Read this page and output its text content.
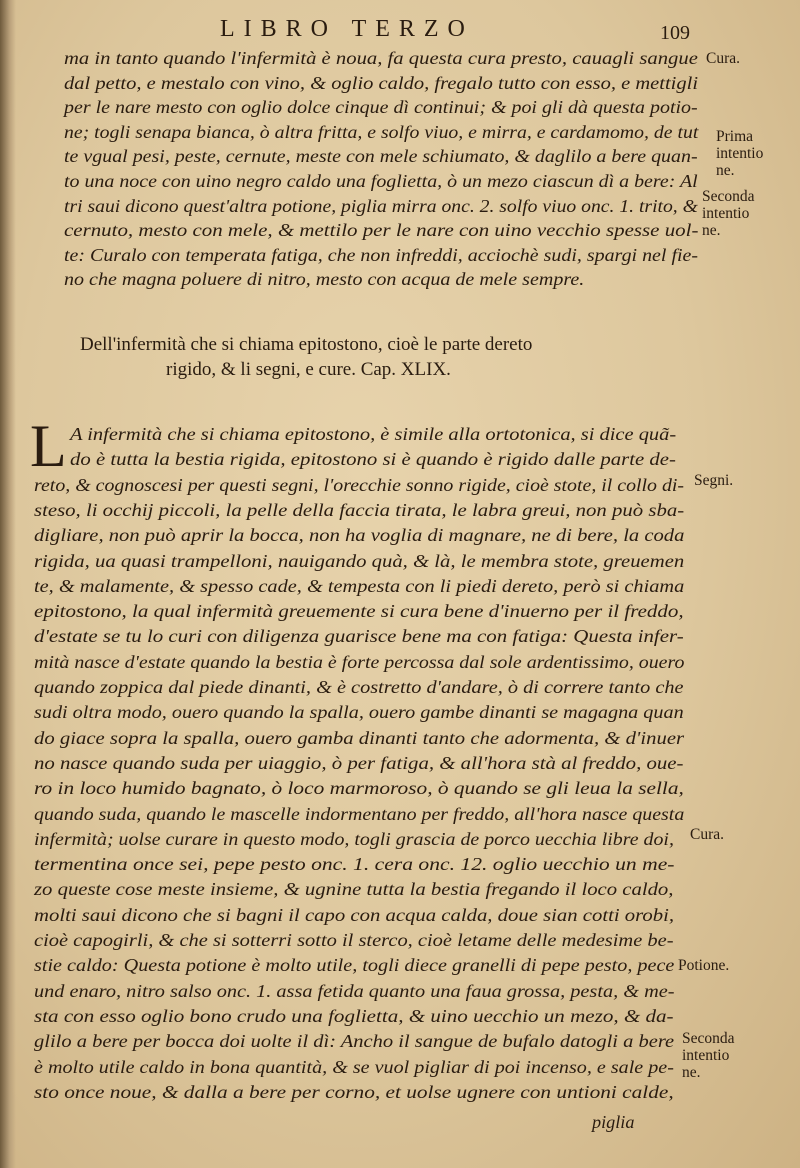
LIBRO TERZO	109
ma in tanto quando l'infermità è noua, fa questa cura presto, cauagli sangue
dal petto, e mestalo con vino, & oglio caldo, fregalo tutto con esso, e mettigli
per le nare mesto con oglio dolce cinque dì continui; & poi gli dà questa potio-
ne; togli senapa bianca, ò altra fritta, e solfo viuo, e mirra, e cardamomo, de tut
te vgual pesi, peste, cernute, meste con mele schiumato, & daglilo a bere quan-
to una noce con uino negro caldo una foglietta, ò un mezo ciascun dì a bere: Al
tri saui dicono quest'altra potione, piglia mirra onc. 2. solfo viuo onc. 1. trito, &
cernuto, mesto con mele, & mettilo per le nare con uino vecchio spesse uol-
te: Curalo con temperata fatiga, che non infreddi, acciochè sudi, spargi nel fie-
no che magna poluere di nitro, mesto con acqua de mele sempre.
Dell'infermità che si chiama epitostono, cioè le parte dereto
rigido, & li segni, e cure. Cap. XLIX.
L A infermità che si chiama epitostono, è simile alla ortotonica, si dice quã-
do è tutta la bestia rigida, epitostono si è quando è rigido dalle parte de-
reto, & cognoscesi per questi segni, l'orecchie sonno rigide, cioè stote, il collo di-
steso, li occhij piccoli, la pelle della faccia tirata, le labra greui, non può sba-
digliare, non può aprir la bocca, non ha voglia di magnare, ne di bere, la coda
rigida, ua quasi trampelloni, nauigando quà, & là, le membra stote, greuemen
te, & malamente, & spesso cade, & tempesta con li piedi dereto, però si chiama
epitostono, la qual infermità greuemente si cura bene d'inuerno per il freddo,
d'estate se tu lo curi con diligenza guarisce bene ma con fatiga: Questa infer-
mità nasce d'estate quando la bestia è forte percossa dal sole ardentissimo, ouero
quando zoppica dal piede dinanti, & è costretto d'andare, ò di correre tanto che
sudi oltra modo, ouero quando la spalla, ouero gambe dinanti se magagna quan
do giace sopra la spalla, ouero gamba dinanti tanto che adormenta, & d'inuer
no nasce quando suda per uiaggio, ò per fatiga, & all'hora stà al freddo, oue-
ro in loco humido bagnato, ò loco marmoroso, ò quando se gli leua la sella,
quando suda, quando le mascelle indormentano per freddo, all'hora nasce questa
infermità; uolse curare in questo modo, togli grascia de porco uecchia libre doi,
termentina once sei, pepe pesto onc. 1. cera onc. 12. oglio uecchio un me-
zo queste cose meste insieme, & ugnine tutta la bestia fregando il loco caldo,
molti saui dicono che si bagni il capo con acqua calda, doue sian cotti orobi,
cioè capogirli, & che si sotterri sotto il sterco, cioè letame delle medesime be-
stie caldo: Questa potione è molto utile, togli diece granelli di pepe pesto, pece
und enaro, nitro salso onc. 1. assa fetida quanto una faua grossa, pesta, & me-
sta con esso oglio bono crudo una foglietta, & uino uecchio un mezo, & da-
glilo a bere per bocca doi uolte il dì: Ancho il sangue de bufalo datogli a bere
è molto utile caldo in bona quantità, & se vuol pigliar di poi incenso, e sale pe-
sto once noue, & dalla a bere per corno, et uolse ugnere con untioni calde,
piglia
Cura.
Prima
intentio
ne.
Seconda
intentio
ne.
Segni.
Cura.
Potione.
Seconda
intentio
ne.
